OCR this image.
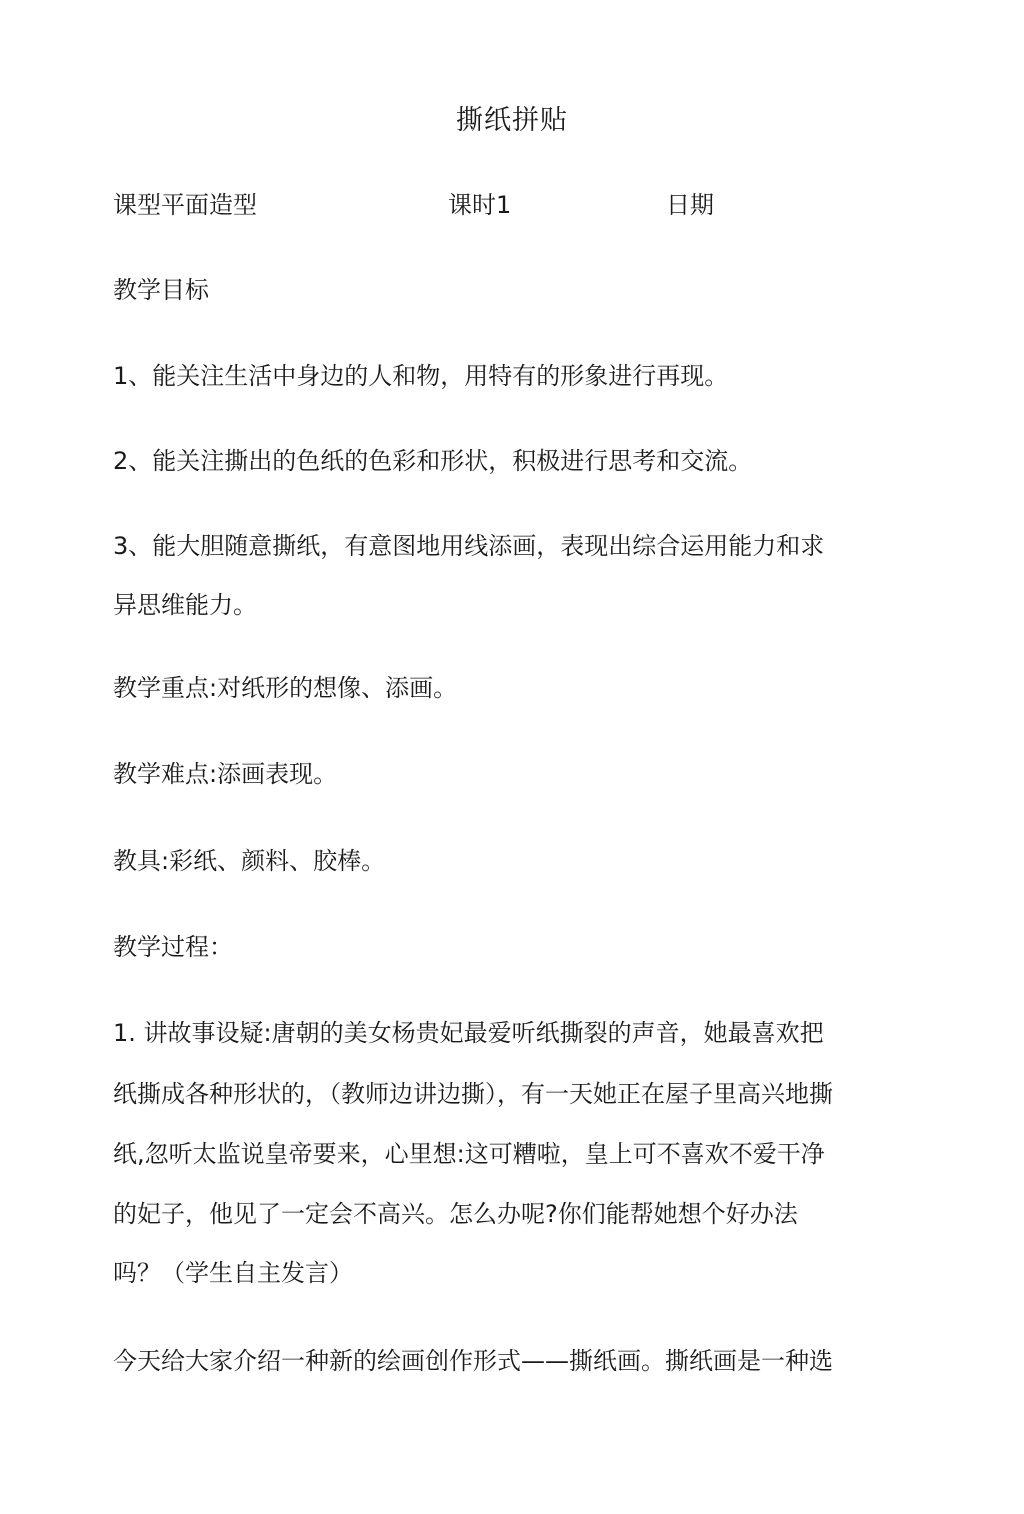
撕纸拼贴
课型平面造型	课时1	日期
教学目标
1、能关注生活中身边的人和物，用特有的形象进行再现。
2、能关注撕出的色纸的色彩和形状，积极进行思考和交流。
3、能大胆随意撕纸，有意图地用线添画，表现出综合运用能力和求
异思维能力。
教学重点:对纸形的想像、添画。
教学难点:添画表现。
教具:彩纸、颜料、胶棒。
教学过程：
1. 讲故事设疑:唐朝的美女杨贵妃最爱听纸撕裂的声音，她最喜欢把
纸撕成各种形状的，（教师边讲边撕），有一天她正在屋子里高兴地撕
纸,忽听太监说皇帝要来，心里想:这可糟啦，皇上可不喜欢不爱干净
的妃子，他见了一定会不高兴。怎么办呢?你们能帮她想个好办法
吗？（学生自主发言）
今天给大家介绍一种新的绘画创作形式——撕纸画。撕纸画是一种选
